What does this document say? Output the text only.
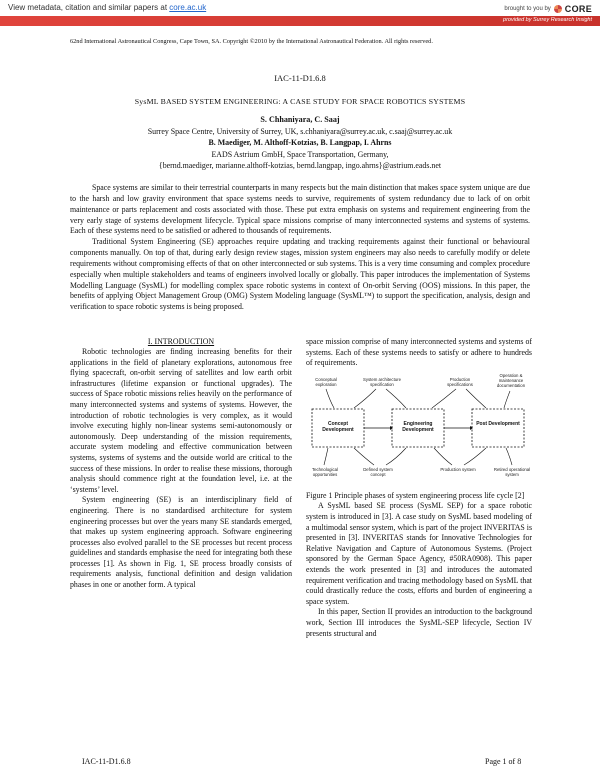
View metadata, citation and similar papers at core.ac.uk	brought to you by CORE
provided by Surrey Research Insight
62nd International Astronautical Congress, Cape Town, SA. Copyright ©2010 by the International Astronautical Federation. All rights reserved.
IAC-11-D1.6.8
SysML BASED SYSTEM ENGINEERING: A CASE STUDY FOR SPACE ROBOTICS SYSTEMS
S. Chhaniyara, C. Saaj
Surrey Space Centre, University of Surrey, UK, s.chhaniyara@surrey.ac.uk, c.saaj@surrey.ac.uk
B. Maediger, M. Althoff-Kotzias, B. Langpap, I. Ahrns
EADS Astrium GmbH, Space Transportation, Germany,
{bernd.maediger, marianne.althoff-kotzias, bernd.langpap, ingo.ahrns}@astrium.eads.net

Space systems are similar to their terrestrial counterparts in many respects but the main distinction that makes space system unique are due to the harsh and low gravity environment that space systems needs to survive, requirements of system redundancy due to lack of on orbit maintenance or parts replacement and costs associated with those. These put extra emphasis on systems and requirement engineering from the very early stage of systems development lifecycle. Typical space missions comprise of many interconnected systems and systems of systems. Each of these systems need to be satisfied or adhered to thousands of requirements.

Traditional System Engineering (SE) approaches require updating and tracking requirements against their functional or behavioural components manually. On top of that, during early design review stages, mission system engineers may also needs to carefully modify or delete requirements without compromising effects of that on other interconnected or sub systems. This is a very time consuming and complex procedure especially when multiple stakeholders and teams of engineers involved locally or globally. This paper introduces the implementation of Systems Modelling Language (SysML) for modelling complex space robotic systems in context of On-orbit Serving (OOS) missions. In this paper, the benefits of applying Object Management Group (OMG) System Modeling language (SysML™) to support the specification, analysis, design and verification to space robotic systems is being proposed.

I. INTRODUCTION

Robotic technologies are finding increasing benefits for their applications in the field of planetary explorations, autonomous free flying spacecraft, on-orbit serving of satellites and low earth orbit infrastructures (lifetime expansion or functional upgrades). The success of Space robotic missions relies heavily on the performance of many interconnected systems and systems of systems. However, the introduction of robotic technologies is very complex, as it would involve executing highly non-linear systems semi-autonomously or autonomously. Deep understanding of the mission requirements, accurate system modeling and effective communication between systems, systems of systems and the outside world are critical to the success of these missions. In order to realise these missions, thorough analysis should commence right at the foundation level, i.e. at the ‘systems’ level.

System engineering (SE) is an interdisciplinary field of engineering. There is no standardised architecture for system engineering processes but over the years many SE standards emerged, that makes up system engineering approach. Software engineering processes also evolved parallel to the SE processes but recent process guidelines and standards emphasise the need for integrating both these processes [1]. As shown in Fig. 1, SE process broadly consists of requirements analysis, functional definition and design validation phases in one or another form. A typical

space mission comprise of many interconnected systems and systems of systems. Each of these systems needs to satisfy or adhere to hundreds of requirements.

Concept Development
Engineering Development
Post Development
Conceptual exploration
System architecture specification
Production specifications
Operation & maintenance documentation
Technological opportunities
Defined system concept
Production system	Retired operational system

Figure 1 Principle phases of system engineering process life cycle [2]

A SysML based SE process (SysML SEP) for a space robotic system is introduced in [3]. A case study on SysML based modeling of a multimodal sensor system, which is part of the project INVERITAS is presented in [3]. INVERITAS stands for Innovative Technologies for Relative Navigation and Capture of Autonomous Systems. (Project sponsored by the German Space Agency, #50RA0908). This paper extends the work presented in [3] and introduces the automated requirement verification and tracing methodology based on SysML that could drastically reduce the costs, efforts and burden of engineering a space system.

In this paper, Section II provides an introduction to the background work, Section III introduces the SysML-SEP lifecycle, Section IV presents structural and

IAC-11-D1.6.8	Page 1 of 8
